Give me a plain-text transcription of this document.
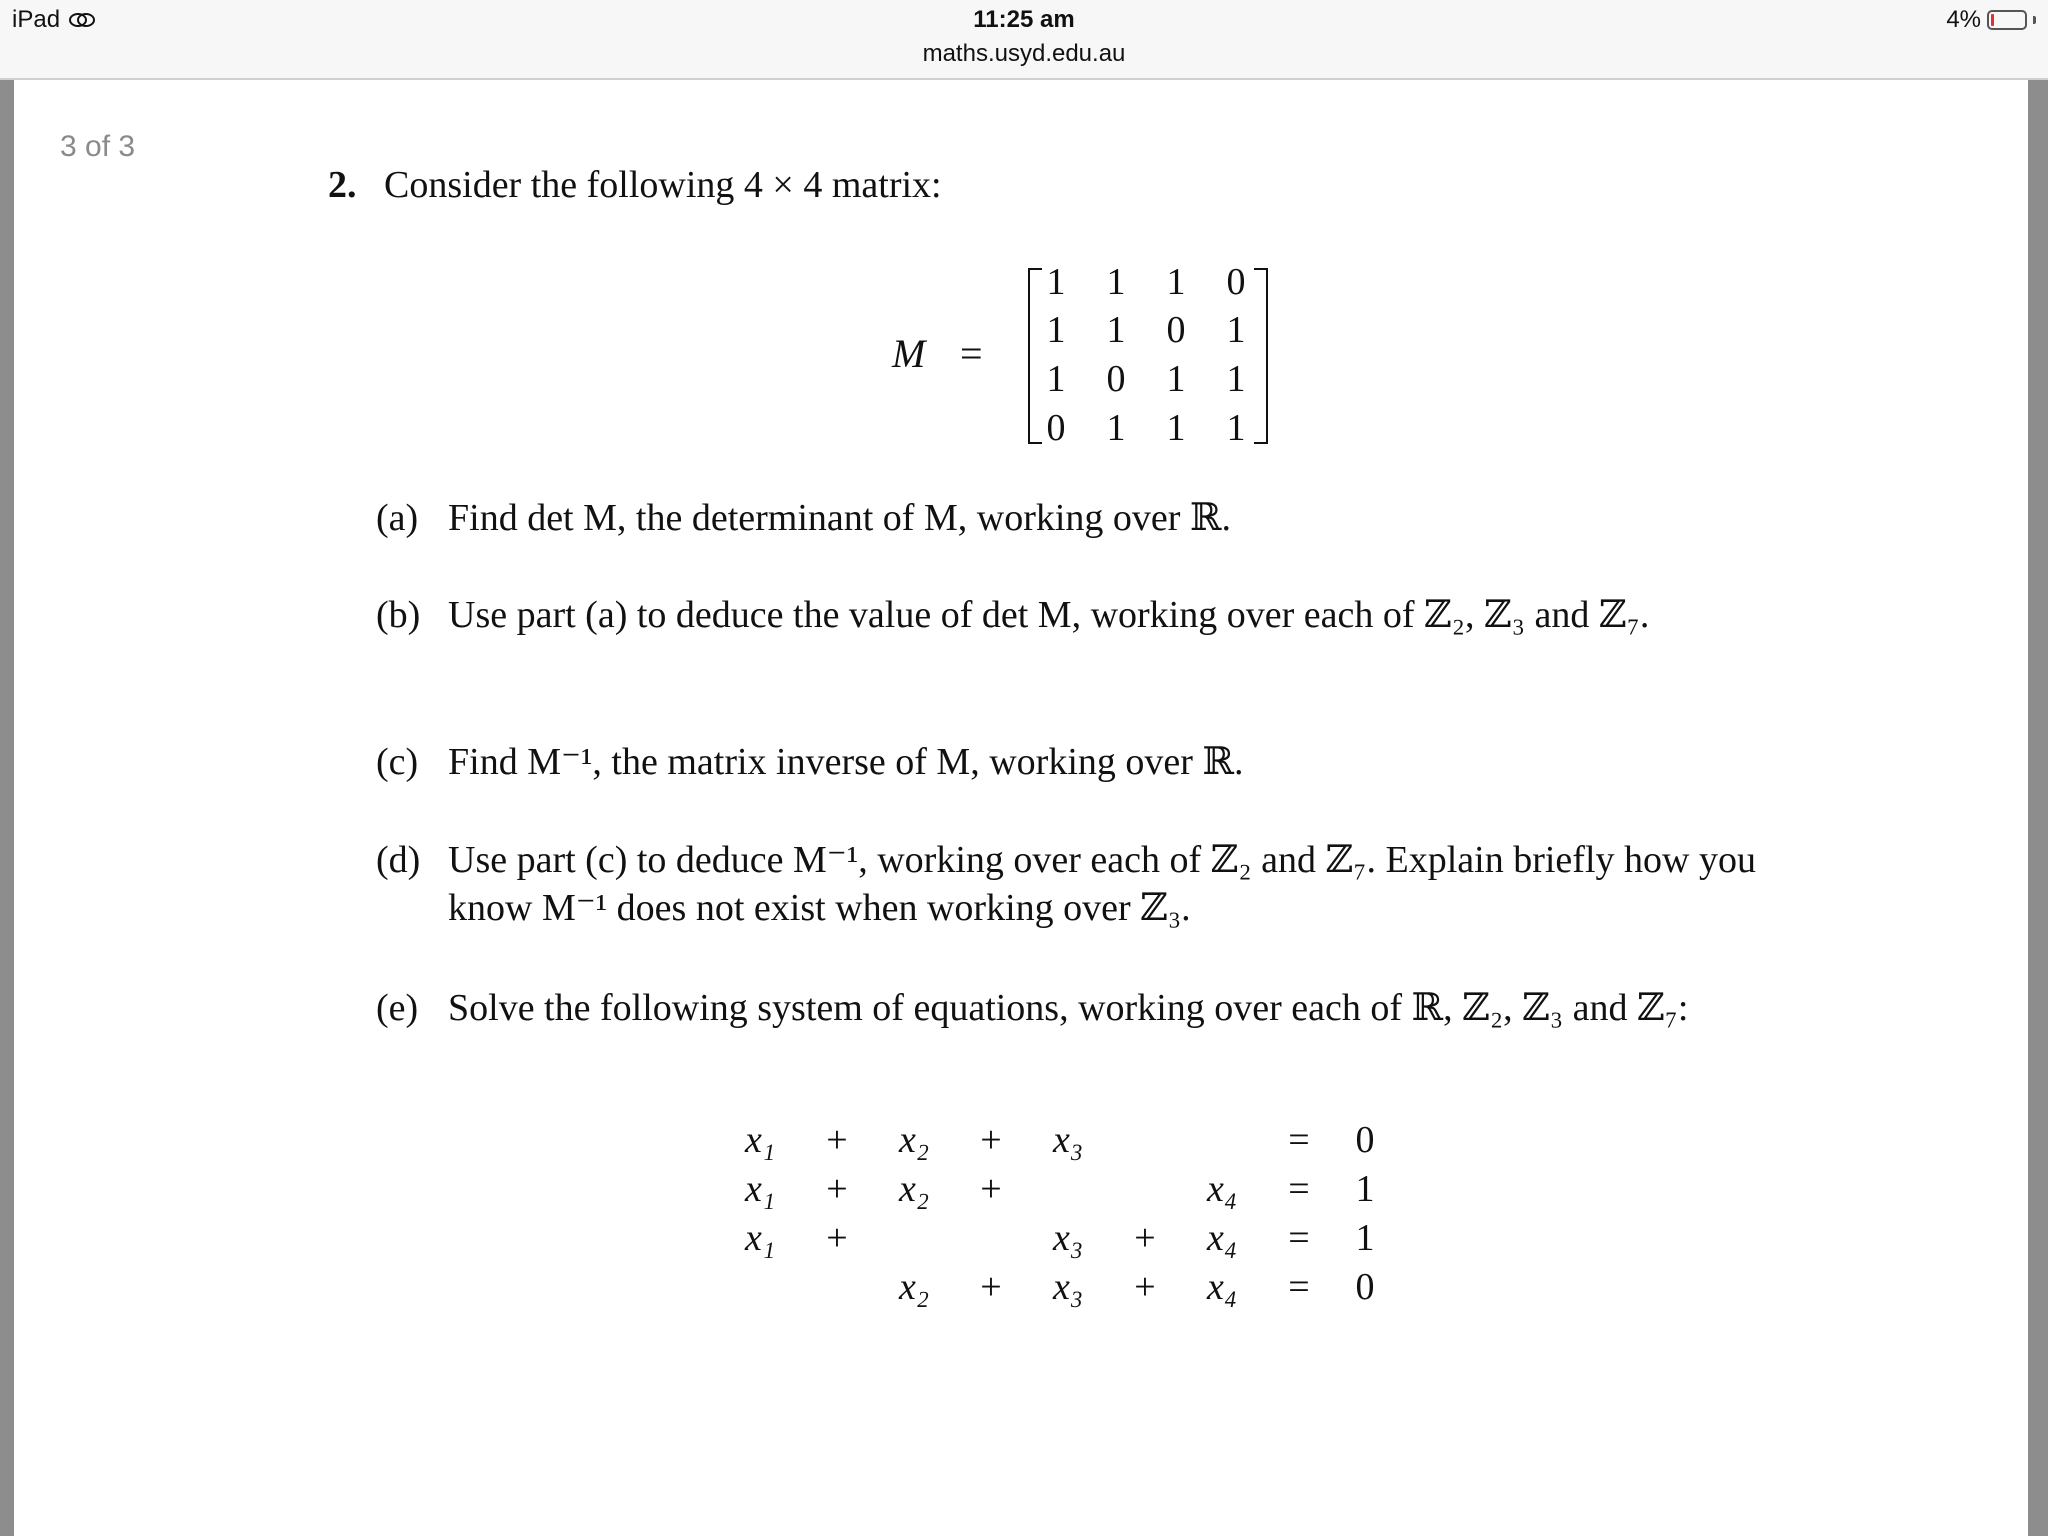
iPad	11:25 am
maths.usyd.edu.au
4%
3 of 3
2. Consider the following 4 × 4 matrix:
M =
1 1 1 0
1 1 0 1
1 0 1 1
0 1 1 1
(a) Find det M, the determinant of M, working over ℝ.
(b) Use part (a) to deduce the value of det M, working over each of ℤ₂, ℤ₃ and ℤ₇.
(c) Find M⁻¹, the matrix inverse of M, working over ℝ.
(d) Use part (c) to deduce M⁻¹, working over each of ℤ₂ and ℤ₇. Explain briefly how you know M⁻¹ does not exist when working over ℤ₃.
(e) Solve the following system of equations, working over each of ℝ, ℤ₂, ℤ₃ and ℤ₇:
x₁	+	x₂	+	x₃	=	0
x₁	+	x₂	+	x₄	=	1
x₁	+	x₃	+	x₄	=	1
x₂	+	x₃	+	x₄	=	0
